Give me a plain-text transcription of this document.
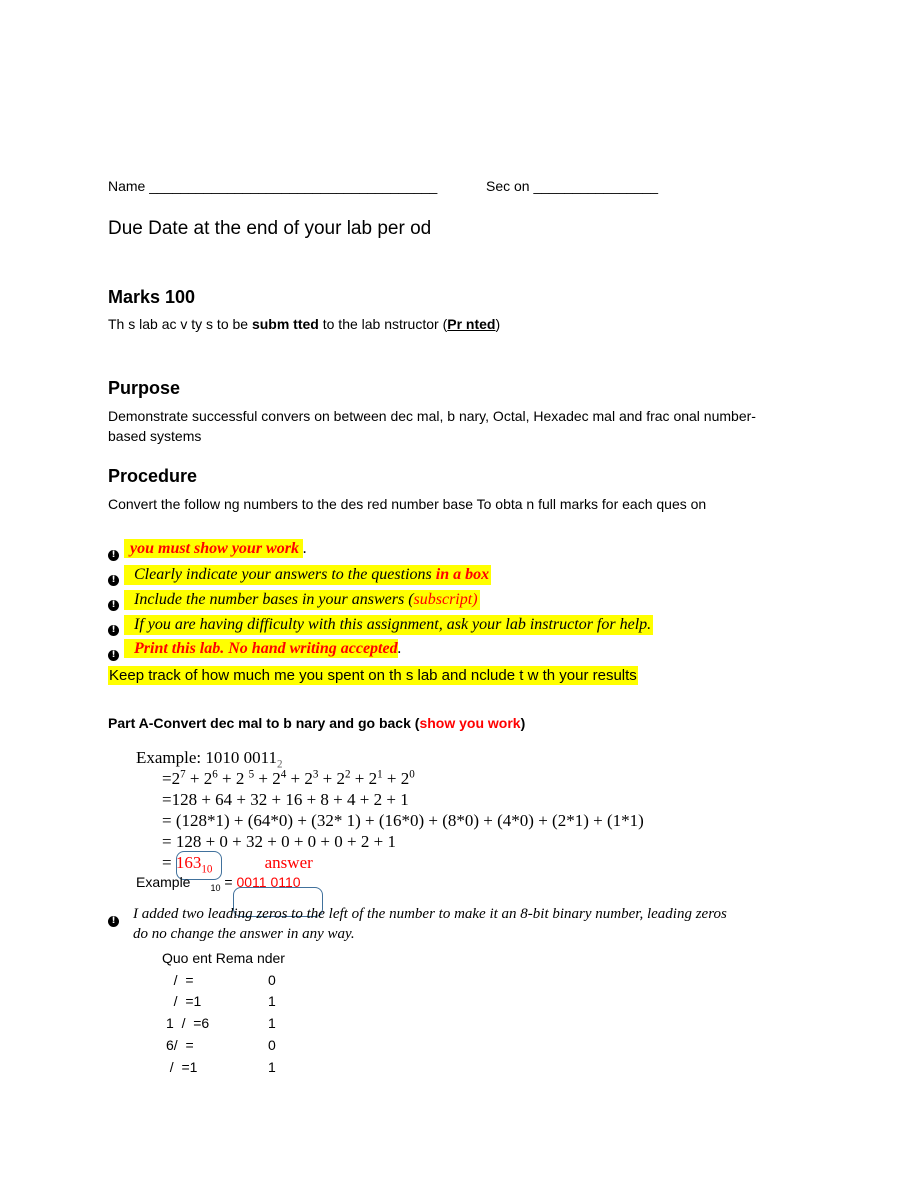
Name _____________________________________	Sec on ________________
Due Date at the end of your lab per od
Marks 100
Th s lab ac v ty s to be subm tted to the lab nstructor (Pr nted)
Purpose
Demonstrate successful convers on between dec mal, b nary, Octal, Hexadec mal and frac onal number-
based systems
Procedure
Convert the follow ng numbers to the des red number base To obta n full marks for each ques on
! you must show your work .
!	Clearly indicate your answers to the questions in a box
!	Include the number bases in your answers (subscript)
!	If you are having difficulty with this assignment, ask your lab instructor for help.
!	Print this lab. No hand writing accepted.
Keep track of how much me you spent on th s lab and nclude t w th your results
Part A-Convert dec mal to b nary and go back (show you work)
Example: 1010 $0011_2$
$=2^7 + 2^6 + 2$ $^5 + 2^4 + 2^3 + 2^2 + 2^1 + 2^0$
=128 + 64 + 32 + 16 + 8 + 4 + 2 + 1
= (128*1) + (64*0) + (32* 1) + (16*0) + (8*0) + (4*0) + (2*1) + (1*1)
= 128 + 0 + 32 + 0 + 0 + 0 + 2 + 1
= $163_{10}$	answer
Example $_{10}$ = 0011 0110
! I added two leading zeros to the left of the number to make it an 8-bit binary number, leading zeros
do no change the answer in any way.
Quo ent Rema nder
/  =	0
/  =1	1
1  /  =6	1
6/  =	0
/  =1	1
